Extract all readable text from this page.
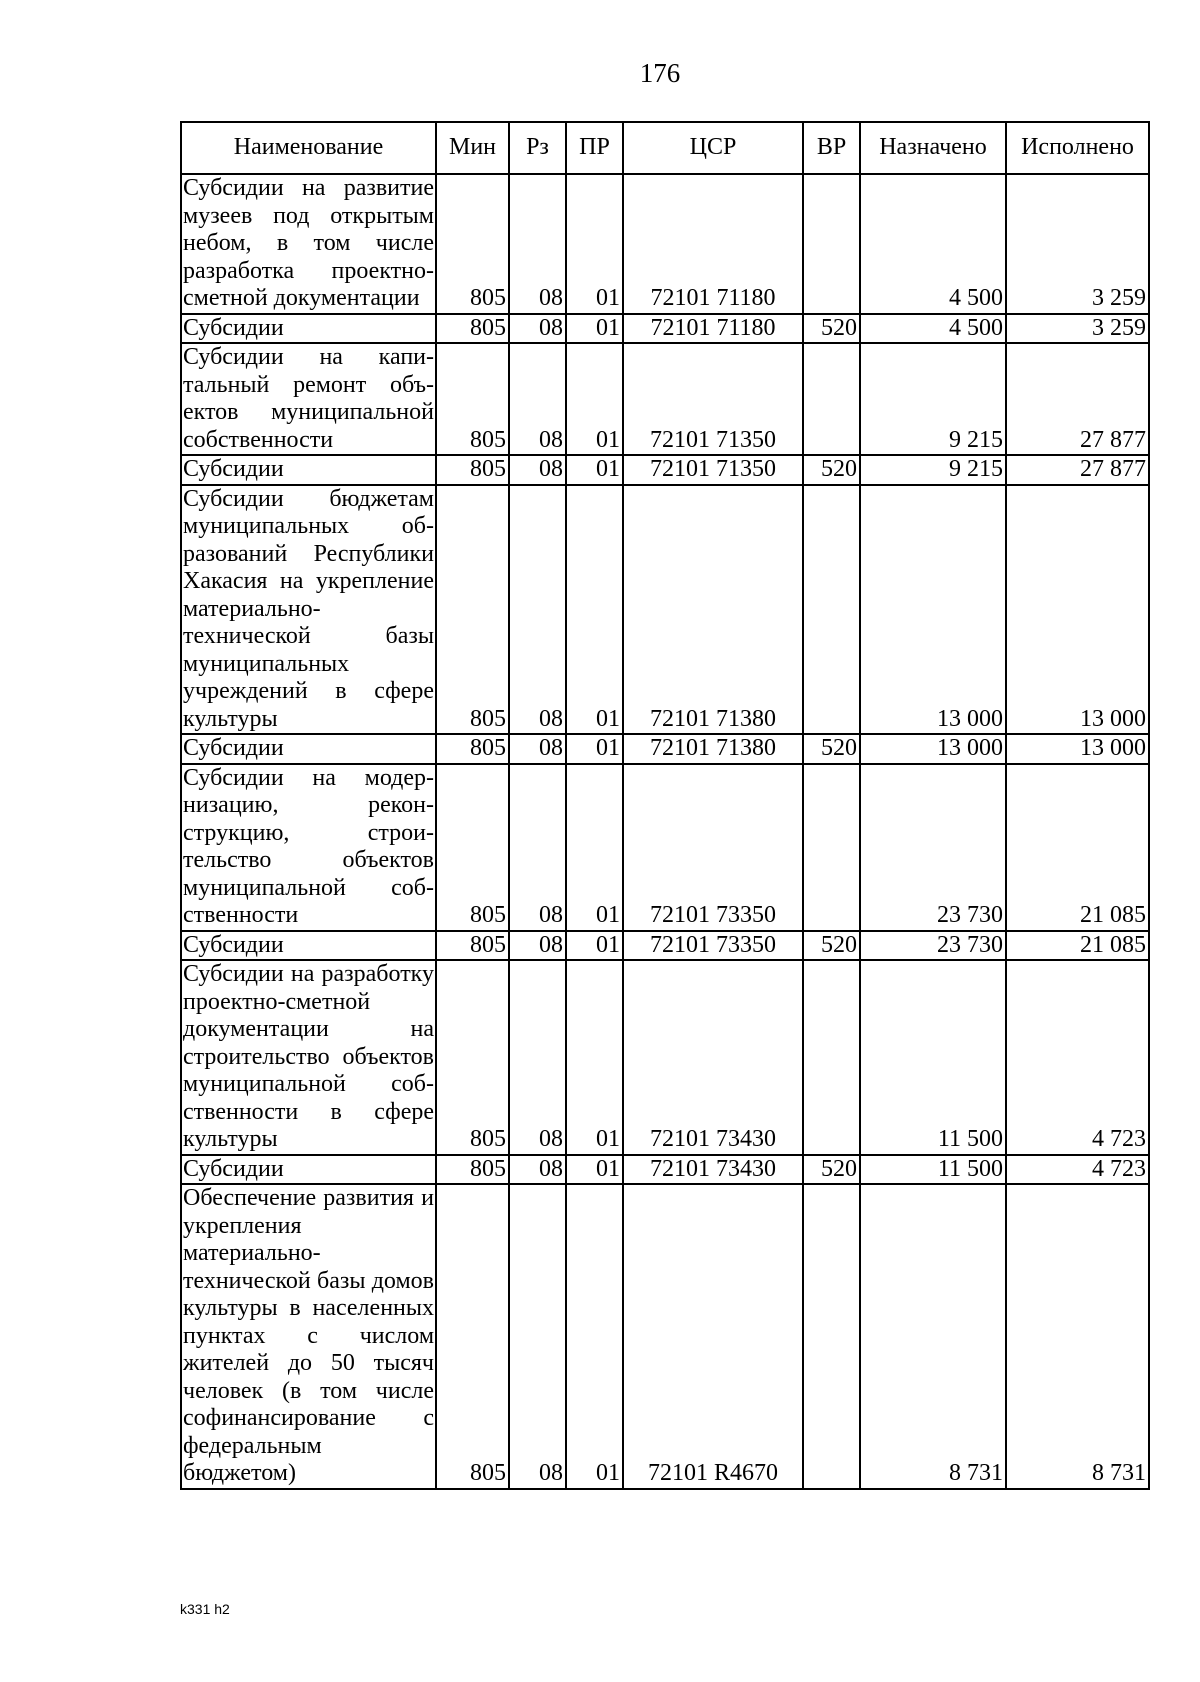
176
Наименование	Мин	Рз	ПР	ЦСР	ВР	Назначено	Исполнено
Субсидии на развитие музеев под открытым небом, в том числе разработка проектно-сметной документации	805	08	01	72101 71180		4 500	3 259
Субсидии	805	08	01	72101 71180	520	4 500	3 259
Субсидии на капитальный ремонт объектов муниципальной собственности	805	08	01	72101 71350		9 215	27 877
Субсидии	805	08	01	72101 71350	520	9 215	27 877
Субсидии бюджетам муниципальных образований Республики Хакасия на укрепление материально-технической базы муниципальных учреждений в сфере культуры	805	08	01	72101 71380		13 000	13 000
Субсидии	805	08	01	72101 71380	520	13 000	13 000
Субсидии на модернизацию, реконструкцию, строительство объектов муниципальной собственности	805	08	01	72101 73350		23 730	21 085
Субсидии	805	08	01	72101 73350	520	23 730	21 085
Субсидии на разработку проектно-сметной документации на строительство объектов муниципальной собственности в сфере культуры	805	08	01	72101 73430		11 500	4 723
Субсидии	805	08	01	72101 73430	520	11 500	4 723
Обеспечение развития и укрепления материально-технической базы домов культуры в населенных пунктах с числом жителей до 50 тысяч человек (в том числе софинансирование с федеральным бюджетом)	805	08	01	72101 R4670		8 731	8 731
k331 h2
